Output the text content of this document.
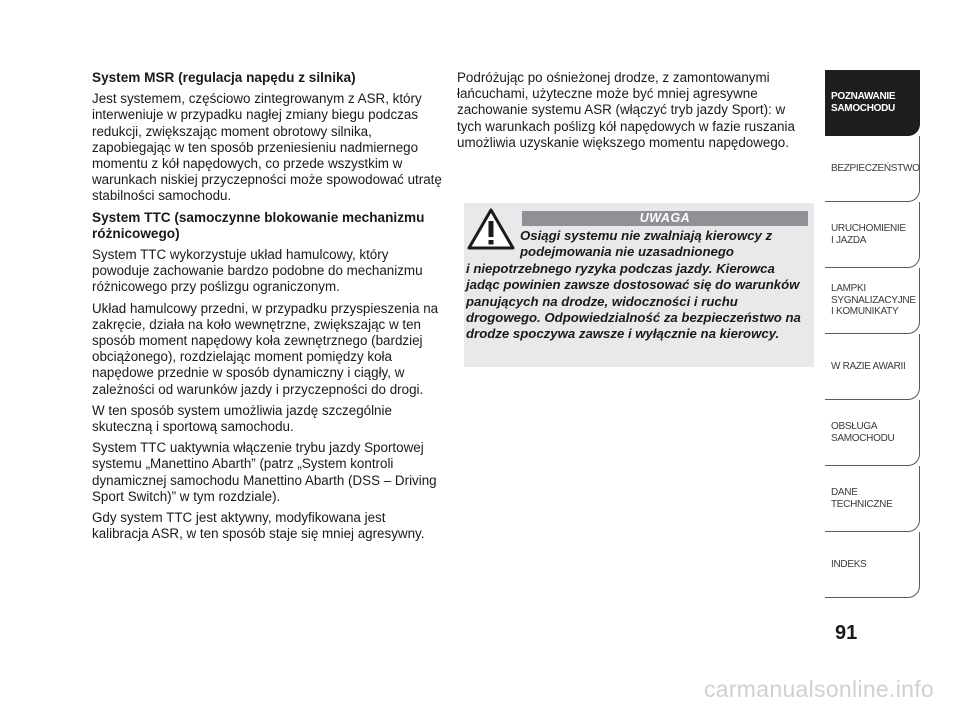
System MSR (regulacja napędu z silnika)

Jest systemem, częściowo zintegrowanym z ASR, który interweniuje w przypadku nagłej zmiany biegu podczas redukcji, zwiększając moment obrotowy silnika, zapobiegając w ten sposób przeniesieniu nadmiernego momentu z kół napędowych, co przede wszystkim w warunkach niskiej przyczepności może spowodować utratę stabilności samochodu.

System TTC (samoczynne blokowanie mechanizmu różnicowego)

System TTC wykorzystuje układ hamulcowy, który powoduje zachowanie bardzo podobne do mechanizmu różnicowego przy poślizgu ograniczonym.

Układ hamulcowy przedni, w przypadku przyspieszenia na zakręcie, działa na koło wewnętrzne, zwiększając w ten sposób moment napędowy koła zewnętrznego (bardziej obciążonego), rozdzielając moment pomiędzy koła napędowe przednie w sposób dynamiczny i ciągły, w zależności od warunków jazdy i przyczepności do drogi.

W ten sposób system umożliwia jazdę szczególnie skuteczną i sportową samochodu.

System TTC uaktywnia włączenie trybu jazdy Sportowej systemu „Manettino Abarth” (patrz „System kontroli dynamicznej samochodu Manettino Abarth (DSS – Driving Sport Switch)” w tym rozdziale).

Gdy system TTC jest aktywny, modyfikowana jest kalibracja ASR, w ten sposób staje się mniej agresywny.

Podróżując po ośnieżonej drodze, z zamontowanymi łańcuchami, użyteczne może być mniej agresywne zachowanie systemu ASR (włączyć tryb jazdy Sport): w tych warunkach poślizg kół napędowych w fazie ruszania umożliwia uzyskanie większego momentu napędowego.

UWAGA
Osiągi systemu nie zwalniają kierowcy z podejmowania nie uzasadnionego
i niepotrzebnego ryzyka podczas jazdy. Kierowca jadąc powinien zawsze dostosować się do warunków panujących na drodze, widoczności i ruchu drogowego. Odpowiedzialność za bezpieczeństwo na drodze spoczywa zawsze i wyłącznie na kierowcy.
POZNAWANIE
SAMOCHODU
BEZPIECZEŃSTWO
URUCHOMIENIE
I JAZDA
LAMPKI
SYGNALIZACYJNE
I KOMUNIKATY
W RAZIE AWARII
OBSŁUGA
SAMOCHODU
DANE
TECHNICZNE
INDEKS
91
carmanualsonline.info
